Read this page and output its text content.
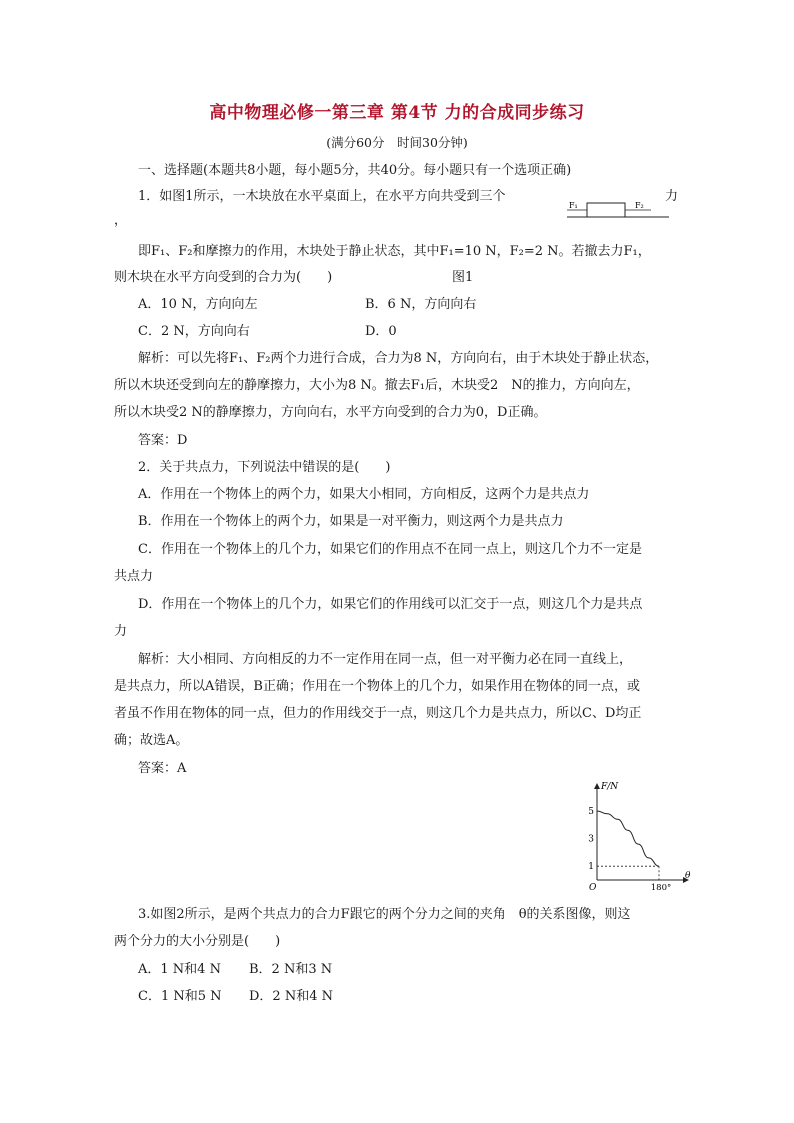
高中物理必修一第三章 第4节 力的合成同步练习
(满分60分　时间30分钟)
一、选择题(本题共8小题，每小题5分，共40分。每小题只有一个选项正确)
1．如图1所示，一木块放在水平桌面上，在水平方向共受到三个	力
，
F₁	F₂
即F₁、F₂和摩擦力的作用，木块处于静止状态，其中F₁=10 N，F₂=2 N。若撤去力F₁，
则木块在水平方向受到的合力为(　　)	图1
A．10 N，方向向左	B．6 N，方向向右
C．2 N，方向向右	D．0
解析：可以先将F₁、F₂两个力进行合成，合力为8 N，方向向右，由于木块处于静止状态，
所以木块还受到向左的静摩擦力，大小为8 N。撤去F₁后，木块受2　N的推力，方向向左，
所以木块受2 N的静摩擦力，方向向右，水平方向受到的合力为0，D正确。
答案：D
2．关于共点力，下列说法中错误的是(　　)
A．作用在一个物体上的两个力，如果大小相同，方向相反，这两个力是共点力
B．作用在一个物体上的两个力，如果是一对平衡力，则这两个力是共点力
C．作用在一个物体上的几个力，如果它们的作用点不在同一点上，则这几个力不一定是
共点力
D．作用在一个物体上的几个力，如果它们的作用线可以汇交于一点，则这几个力是共点
力
解析：大小相同、方向相反的力不一定作用在同一点，但一对平衡力必在同一直线上，
是共点力，所以A错误，B正确；作用在一个物体上的几个力，如果作用在物体的同一点，或
者虽不作用在物体的同一点，但力的作用线交于一点，则这几个力是共点力，所以C、D均正
确；故选A。
答案：A
F/N
θ
5
3
1
O	180°
3.如图2所示，是两个共点力的合力F跟它的两个分力之间的夹角　θ的关系图像，则这
两个分力的大小分别是(　　)
A．1 N和4 N B．2 N和3 N
C．1 N和5 N D．2 N和4 N
